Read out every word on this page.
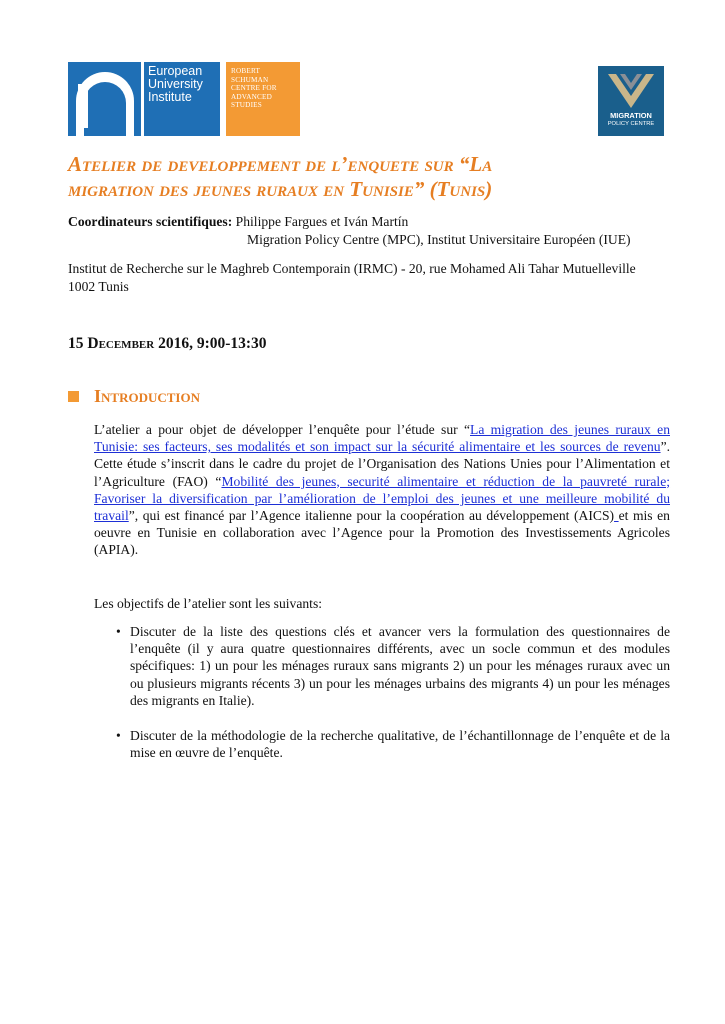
European
University
Institute
ROBERT
SCHUMAN
CENTRE FOR
ADVANCED
STUDIES
MIGRATION
POLICY CENTRE
Atelier de developpement de l’enquete sur “La
migration des jeunes ruraux en Tunisie” (Tunis)
Coordinateurs scientifiques: Philippe Fargues et Iván Martín
Migration Policy Centre (MPC), Institut Universitaire Européen (IUE)
Institut de Recherche sur le Maghreb Contemporain (IRMC) - 20, rue Mohamed Ali Tahar Mutuelleville
1002 Tunis
15 December 2016, 9:00-13:30
Introduction

L’atelier a pour objet de développer l’enquête pour l’étude sur “La migration des jeunes ruraux en Tunisie: ses facteurs, ses modalités et son impact sur la sécurité alimentaire et les sources de revenu”. Cette étude s’inscrit dans le cadre du projet de l’Organisation des Nations Unies pour l’Alimentation et l’Agriculture (FAO) “Mobilité des jeunes, securité alimentaire et réduction de la pauvreté rurale; Favoriser la diversification par l’amélioration de l’emploi des jeunes et une meilleure mobilité du travail”, qui est financé par l’Agence italienne pour la coopération au développement (AICS) et mis en oeuvre en Tunisie en collaboration avec l’Agence pour la Promotion des Investissements Agricoles (APIA).

Les objectifs de l’atelier sont les suivants:

• Discuter de la liste des questions clés et avancer vers la formulation des questionnaires de l’enquête (il y aura quatre questionnaires différents, avec un socle commun et des modules spécifiques: 1) un pour les ménages ruraux sans migrants 2) un pour les ménages ruraux avec un ou plusieurs migrants récents 3) un pour les ménages urbains des migrants 4) un pour les ménages des migrants en Italie).
• Discuter de la méthodologie de la recherche qualitative, de l’échantillonnage de l’enquête et de la mise en œuvre de l’enquête.
